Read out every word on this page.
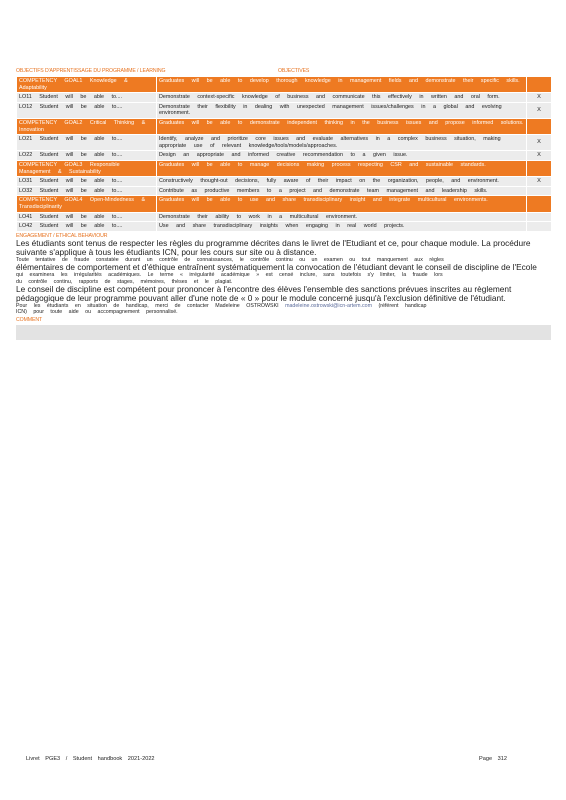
OBJECTIFS D'APPRENTISSAGE DU PROGRAMME / LEARNING	OBJECTIVES
COMPETENCY GOAL1 Knowledge & Adaptability	Graduates will be able to develop thorough knowledge in management fields and demonstrate their specific skills.	
LO11 Student will be able to....	Demonstrate context-specific knowledge of business and communicate this effectively in written and oral form.	X
LO12 Student will be able to....	Demonstrate their flexibility in dealing with unexpected management issues/challenges in a global and evolving environment.	X
COMPETENCY GOAL2 Critical Thinking & Innovation	Graduates will be able to demonstrate independent thinking in the business issues and propose informed solutions.	
LO21 Student will be able to....	Identify, analyze and prioritize core issues and evaluate alternatives in a complex business situation, making appropriate use of relevant knowledge/tools/models/approaches.	X
LO22 Student will be able to....	Design an appropriate and informed creative recommendation to a given issue.	X
COMPETENCY GOAL3 Responsible Management & Sustainability	Graduates will be able to manage decisions making process respecting CSR and sustainable standards.	
LO31 Student will be able to....	Constructively thought-out decisions, fully aware of their impact on the organization, people, and environment.	X
LO32 Student will be able to....	Contribute as productive members to a project and demonstrate team management and leadership skills.	
COMPETENCY GOAL4 Open-Mindedness & Transdisciplinarity	Graduates will be able to use and share transdisciplinary insight and integrate multicultural environments.	
LO41 Student will be able to....	Demonstrate their ability to work in a multicultural environment.	
LO42 Student will be able to....	Use and share transdisciplinary insights when engaging in real world projects.	
ENGAGEMENT / ETHICAL BEHAVIOUR
Les étudiants sont tenus de respecter les règles du programme décrites dans le livret de l'Etudiant et ce, pour chaque module. La procédure
suivante s'applique à tous les étudiants ICN, pour les cours sur site ou à distance.
Toute tentative de fraude constatée durant un contrôle de connaissances, le contrôle continu ou un examen ou tout manquement aux règles
élémentaires de comportement et d'éthique entraînent systématiquement la convocation de l'étudiant devant le conseil de discipline de l'Ecole
qui examinera les irrégularités académiques. Le terme « irrégularité académique » est censé inclure, sans toutefois s'y limiter, la fraude lors
du contrôle continu, rapports de stages, mémoires, thèses et le plagiat.
Le conseil de discipline est compétent pour prononcer à l'encontre des élèves l'ensemble des sanctions prévues inscrites au règlement
pédagogique de leur programme pouvant aller d'une note de « 0 » pour le module concerné jusqu'à l'exclusion définitive de l'étudiant.
Pour les étudiants en situation de handicap, merci de contacter Madeleine OSTROWSKI madeleine.ostrowski@icn-artem.com (référent handicap
ICN) pour toute aide ou accompagnement personnalisé.
COMMENT
Livret PGE3 / Student handbook 2021-2022	Page 312
